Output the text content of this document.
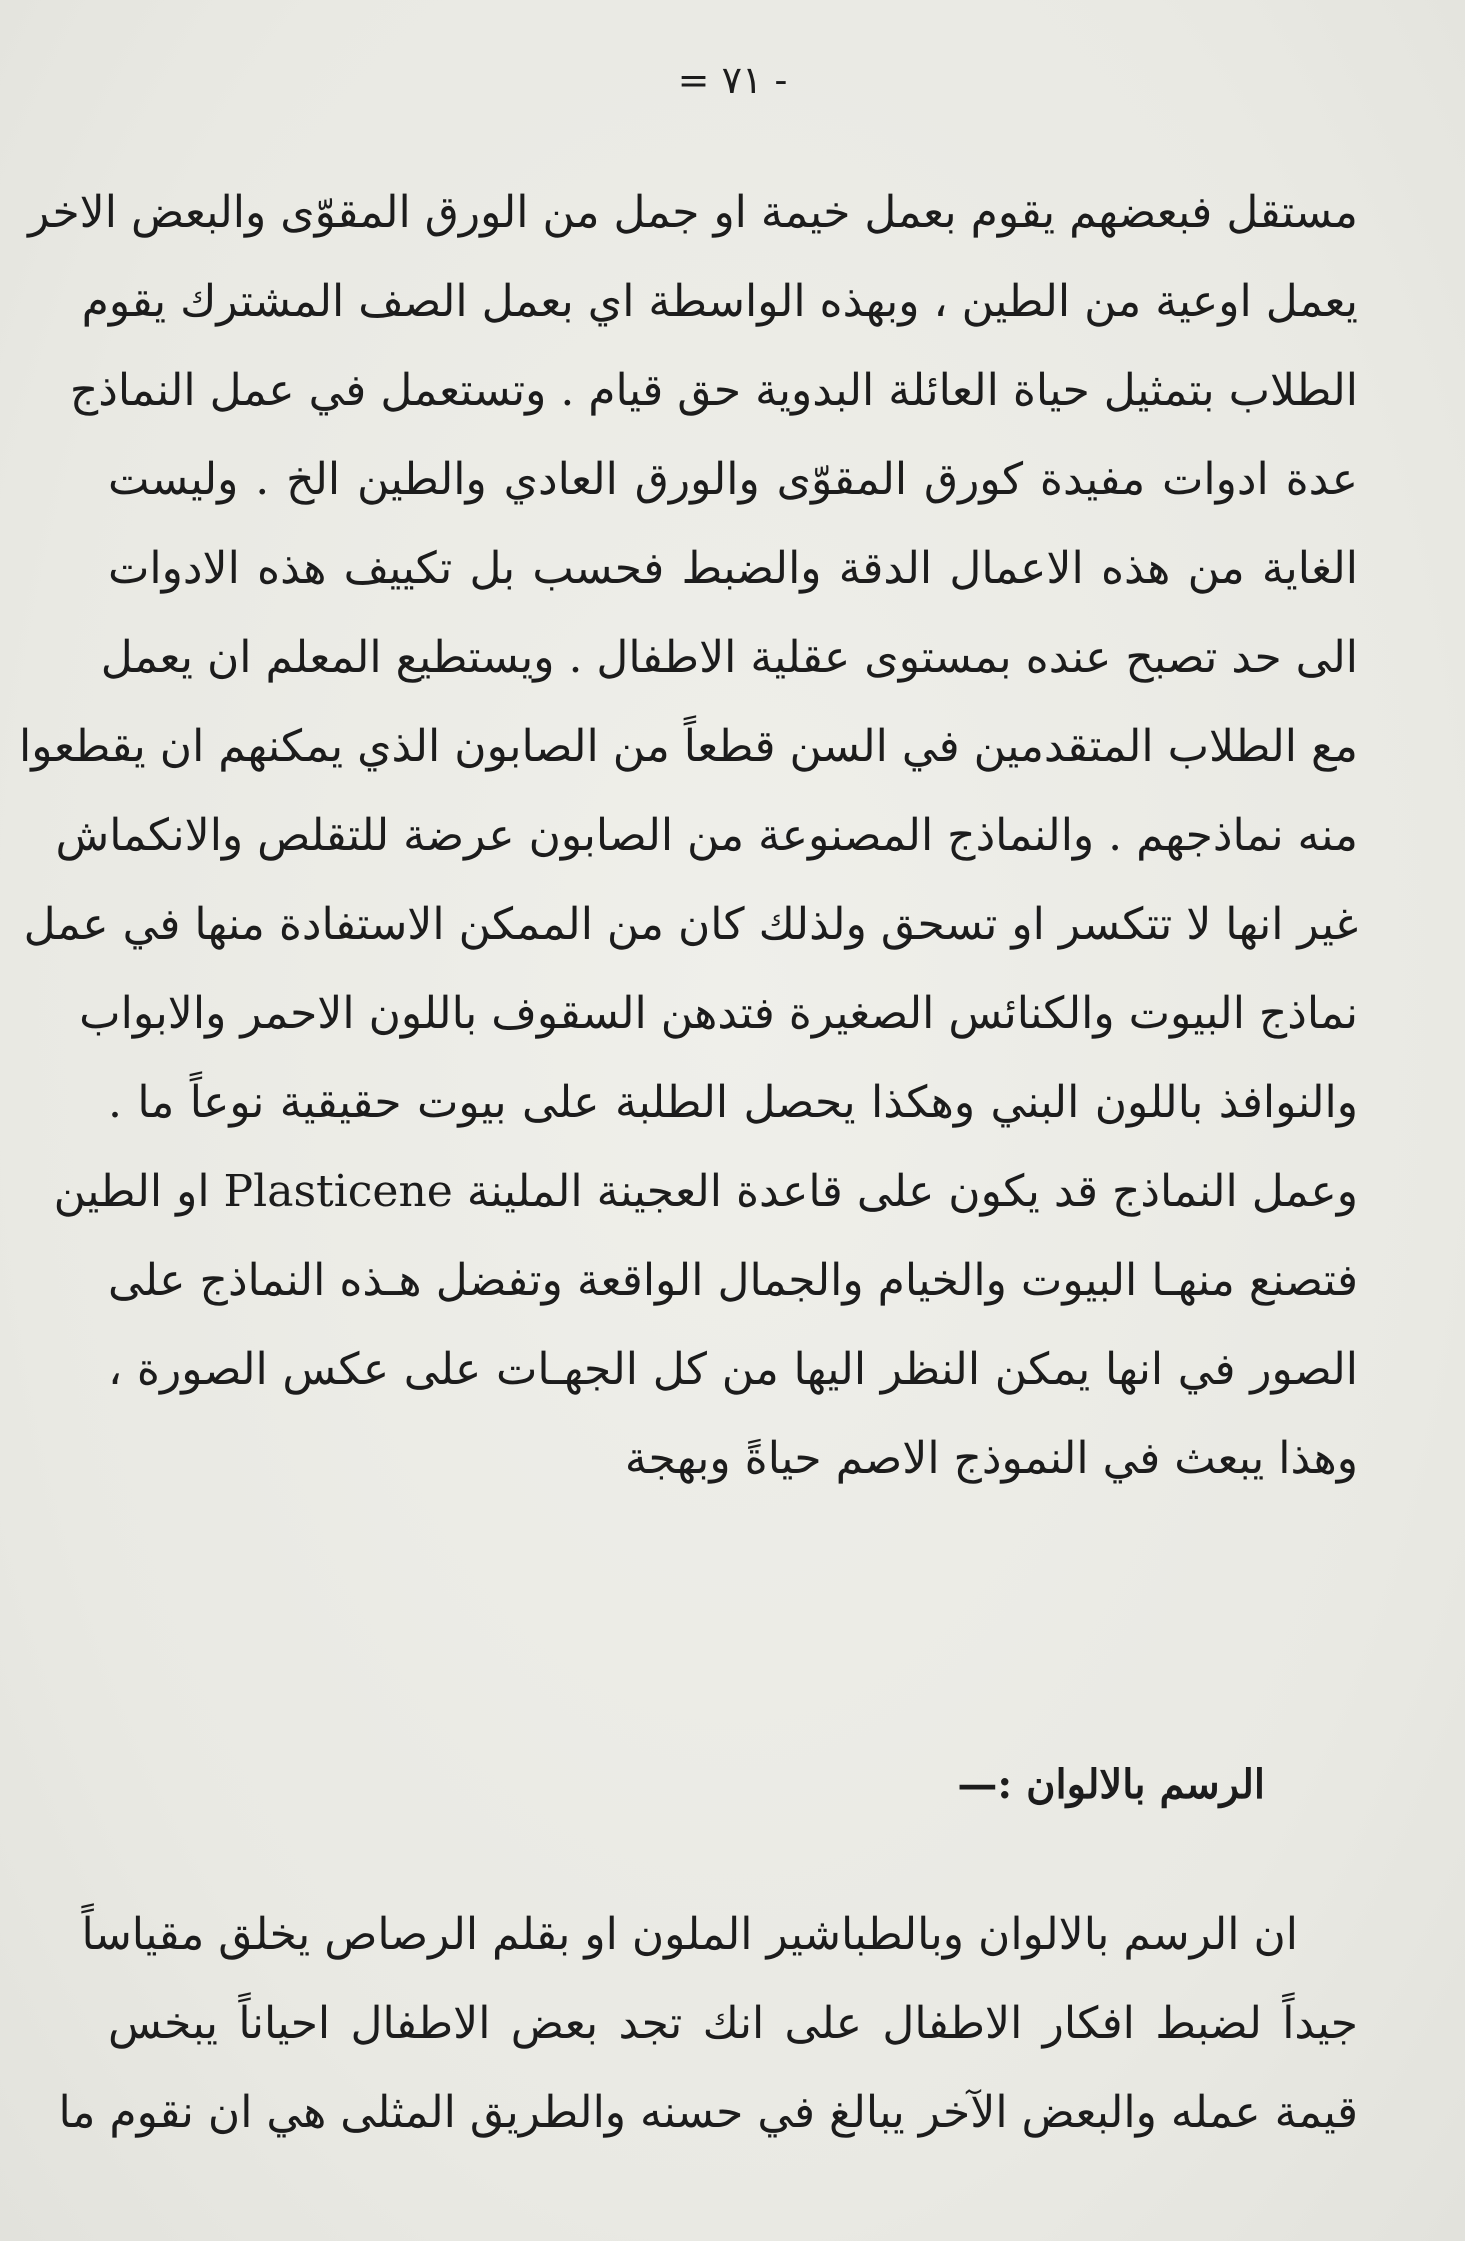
= ٧١ -
مستقل فبعضهم يقوم بعمل خيمة او جمل من الورق المقوّى والبعض الاخر
يعمل اوعية من الطين ، وبهذه الواسطة اي بعمل الصف المشترك يقوم
الطلاب بتمثيل حياة العائلة البدوية حق قيام . وتستعمل في عمل النماذج
عدة ادوات مفيدة كورق المقوّى والورق العادي والطين الخ . وليست
الغاية من هذه الاعمال الدقة والضبط فحسب بل تكييف هذه الادوات
الى حد تصبح عنده بمستوى عقلية الاطفال . ويستطيع المعلم ان يعمل
مع الطلاب المتقدمين في السن قطعاً من الصابون الذي يمكنهم ان يقطعوا
منه نماذجهم . والنماذج المصنوعة من الصابون عرضة للتقلص والانكماش
غير انها لا تتكسر او تسحق ولذلك كان من الممكن الاستفادة منها في عمل
نماذج البيوت والكنائس الصغيرة فتدهن السقوف باللون الاحمر والابواب
والنوافذ باللون البني وهكذا يحصل الطلبة على بيوت حقيقية نوعاً ما .
وعمل النماذج قد يكون على قاعدة العجينة الملينة Plasticene او الطين
فتصنع منهـا البيوت والخيام والجمال الواقعة وتفضل هـذه النماذج على
الصور في انها يمكن النظر اليها من كل الجهـات على عكس الصورة ،
وهذا يبعث في النموذج الاصم حياةً وبهجة
الرسم بالالوان :—
ان الرسم بالالوان وبالطباشير الملون او بقلم الرصاص يخلق مقياساً
جيداً لضبط افكار الاطفال على انك تجد بعض الاطفال احياناً يبخس
قيمة عمله والبعض الآخر يبالغ في حسنه والطريق المثلى هي ان نقوم ما
